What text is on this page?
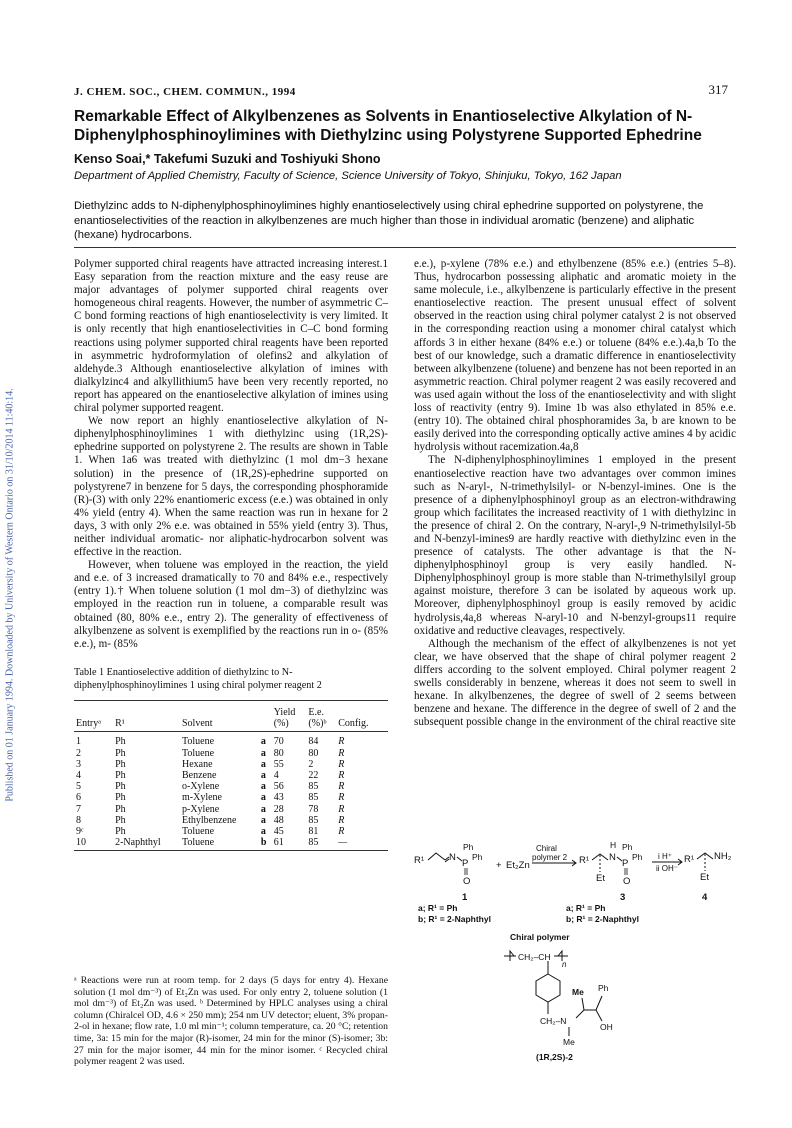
Published on 01 January 1994. Downloaded by University of Western Ontario on 31/10/2014 11:40:14.
J. CHEM. SOC., CHEM. COMMUN., 1994	317
Remarkable Effect of Alkylbenzenes as Solvents in Enantioselective Alkylation of N-Diphenylphosphinoylimines with Diethylzinc using Polystyrene Supported Ephedrine
Kenso Soai,* Takefumi Suzuki and Toshiyuki Shono
Department of Applied Chemistry, Faculty of Science, Science University of Tokyo, Shinjuku, Tokyo, 162 Japan
Diethylzinc adds to N-diphenylphosphinoylimines highly enantioselectively using chiral ephedrine supported on polystyrene, the enantioselectivities of the reaction in alkylbenzenes are much higher than those in individual aromatic (benzene) and aliphatic (hexane) hydrocarbons.

Polymer supported chiral reagents have attracted increasing interest.1 Easy separation from the reaction mixture and the easy reuse are major advantages of polymer supported chiral reagents over homogeneous chiral reagents. However, the number of asymmetric C–C bond forming reactions of high enantioselectivity is very limited. It is only recently that high enantioselectivities in C–C bond forming reactions using polymer supported chiral reagents have been reported in asymmetric hydroformylation of olefins2 and alkylation of aldehyde.3 Although enantioselective alkylation of imines with dialkylzinc4 and alkyllithium5 have been very recently reported, no report has appeared on the enantioselective alkylation of imines using chiral polymer supported reagent.

We now report an highly enantioselective alkylation of N-diphenylphosphinoylimines 1 with diethylzinc using (1R,2S)-ephedrine supported on polystyrene 2. The results are shown in Table 1. When 1a6 was treated with diethylzinc (1 mol dm−3 hexane solution) in the presence of (1R,2S)-ephedrine supported on polystyrene7 in benzene for 5 days, the corresponding phosphoramide (R)-(3) with only 22% enantiomeric excess (e.e.) was obtained in only 4% yield (entry 4). When the same reaction was run in hexane for 2 days, 3 with only 2% e.e. was obtained in 55% yield (entry 3). Thus, neither individual aromatic- nor aliphatic-hydrocarbon solvent was effective in the reaction.

However, when toluene was employed in the reaction, the yield and e.e. of 3 increased dramatically to 70 and 84% e.e., respectively (entry 1).† When toluene solution (1 mol dm−3) of diethylzinc was employed in the reaction run in toluene, a comparable result was obtained (80, 80% e.e., entry 2). The generality of effectiveness of alkylbenzene as solvent is exemplified by the reactions run in o- (85% e.e.), m- (85%

e.e.), p-xylene (78% e.e.) and ethylbenzene (85% e.e.) (entries 5–8). Thus, hydrocarbon possessing aliphatic and aromatic moiety in the same molecule, i.e., alkylbenzene is particularly effective in the present enantioselective reaction. The present unusual effect of solvent observed in the reaction using chiral polymer catalyst 2 is not observed in the corresponding reaction using a monomer chiral catalyst which affords 3 in either hexane (84% e.e.) or toluene (84% e.e.).4a,b To the best of our knowledge, such a dramatic difference in enantioselectivity between alkylbenzene (toluene) and benzene has not been reported in an asymmetric reaction. Chiral polymer reagent 2 was easily recovered and was used again without the loss of the enantioselectivity and with slight loss of reactivity (entry 9). Imine 1b was also ethylated in 85% e.e. (entry 10). The obtained chiral phosphoramides 3a, b are known to be easily derived into the corresponding optically active amines 4 by acidic hydrolysis without racemization.4a,8

The N-diphenylphosphinoylimines 1 employed in the present enantioselective reaction have two advantages over common imines such as N-aryl-, N-trimethylsilyl- or N-benzyl-imines. One is the presence of a diphenylphosphinoyl group as an electron-withdrawing group which facilitates the increased reactivity of 1 with diethylzinc in the presence of chiral 2. On the contrary, N-aryl-,9 N-trimethylsilyl-5b and N-benzyl-imines9 are hardly reactive with diethylzinc even in the presence of catalysts. The other advantage is that the N-diphenylphosphinoyl group is very easily handled. N-Diphenylphosphinoyl group is more stable than N-trimethylsilyl group against moisture, therefore 3 can be isolated by aqueous work up. Moreover, diphenylphosphinoyl group is easily removed by acidic hydrolysis,4a,8 whereas N-aryl-10 and N-benzyl-groups11 require oxidative and reductive cleavages, respectively.

Although the mechanism of the effect of alkylbenzenes is not yet clear, we have observed that the shape of chiral polymer reagent 2 differs according to the solvent employed. Chiral polymer reagent 2 swells considerably in benzene, whereas it does not seem to swell in hexane. In alkylbenzenes, the degree of swell of 2 seems between benzene and hexane. The difference in the degree of swell of 2 and the subsequent possible change in the environment of the chiral reactive site

Table 1 Enantioselective addition of diethylzinc to N-diphenylphosphinoylimines 1 using chiral polymer reagent 2

				Yield	E.e.		
Entryᵃ	R¹	Solvent		(%)	(%)ᵇ	Config.	
1	Ph	Toluene	a	70	84	R	
2	Ph	Toluene	a	80	80	R	
3	Ph	Hexane	a	55	2	R	
4	Ph	Benzene	a	4	22	R	
5	Ph	o-Xylene	a	56	85	R	
6	Ph	m-Xylene	a	43	85	R	
7	Ph	p-Xylene	a	28	78	R	
8	Ph	Ethylbenzene	a	48	85	R	
9ᶜ	Ph	Toluene	a	45	81	R	
10	2-Naphthyl	Toluene	b	61	85	—	
ᵃ Reactions were run at room temp. for 2 days (5 days for entry 4). Hexane solution (1 mol dm⁻³) of Et₂Zn was used. For only entry 2, toluene solution (1 mol dm⁻³) of Et₂Zn was used. ᵇ Determined by HPLC analyses using a chiral column (Chiralcel OD, 4.6 × 250 mm); 254 nm UV detector; eluent, 3% propan-2-ol in hexane; flow rate, 1.0 ml min⁻¹; column temperature, ca. 20 °C; retention time, 3a: 15 min for the major (R)-isomer, 24 min for the minor (S)-isomer; 3b: 27 min for the major isomer, 44 min for the minor isomer. ᶜ Recycled chiral polymer reagent 2 was used.
R¹	N
P
Ph
Ph
O
+ Et₂Zn
Chiral
polymer 2 R¹
Et
N
H
P
Ph
Ph
O
i H⁺
ii OH⁻
R¹ NH₂
Et
1	3	4
a; R¹ = Ph
b; R¹ = 2-Naphthyl
a; R¹ = Ph
b; R¹ = 2-Naphthyl
Chiral polymer
CH₂–CH
n
CH₂–N
Me Ph
OH
Me
(1R,2S)-2
